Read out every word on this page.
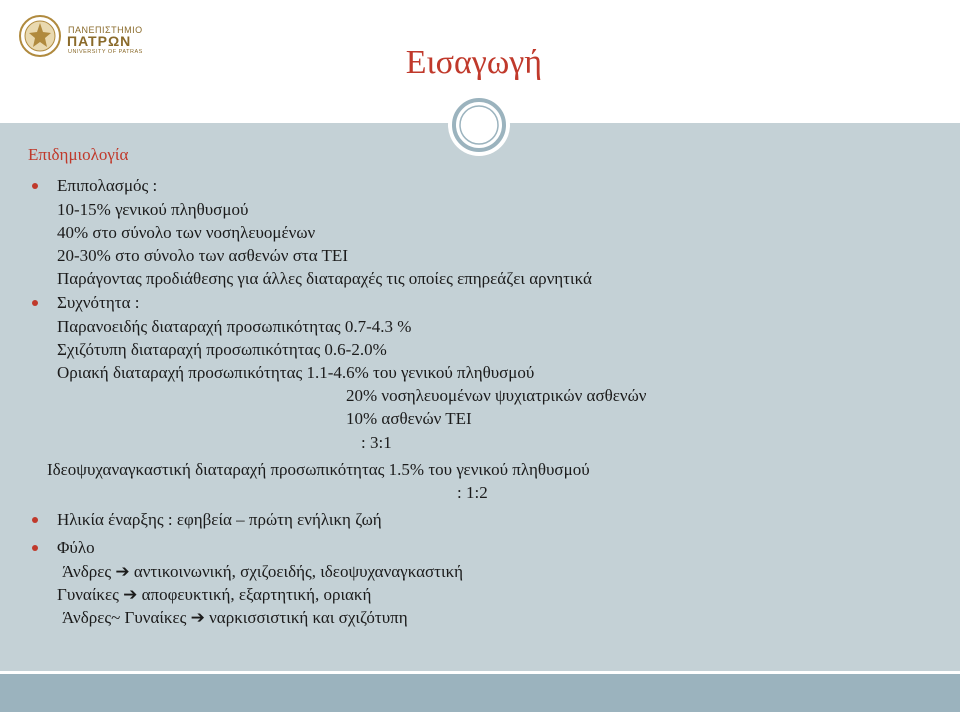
ΠΑΝΕΠΙΣΤΗΜΙΟ
ΠΑΤΡΩΝ
UNIVERSITY OF PATRAS	Εισαγωγή
Επιδημιολογία
Επιπολασμός :
10-15% γενικού πληθυσμού
40% στο σύνολο των νοσηλευομένων
20-30% στο σύνολο των ασθενών στα ΤΕΙ
Παράγοντας προδιάθεσης για άλλες διαταραχές τις οποίες επηρεάζει αρνητικά
Συχνότητα :
Παρανοειδής διαταραχή προσωπικότητας 0.7-4.3 %
Σχιζότυπη διαταραχή προσωπικότητας 0.6-2.0%
Οριακή διαταραχή προσωπικότητας 1.1-4.6% του γενικού πληθυσμού
20% νοσηλευομένων ψυχιατρικών ασθενών
10% ασθενών ΤΕΙ
: 3:1
Ιδεοψυχαναγκαστική διαταραχή προσωπικότητας 1.5% του γενικού πληθυσμού
: 1:2
Ηλικία έναρξης : εφηβεία – πρώτη ενήλικη ζωή
Φύλο
Άνδρες ➔ αντικοινωνική, σχιζοειδής, ιδεοψυχαναγκαστική
Γυναίκες ➔ αποφευκτική, εξαρτητική, οριακή
Άνδρες~ Γυναίκες ➔ ναρκισσιστική και σχιζότυπη
